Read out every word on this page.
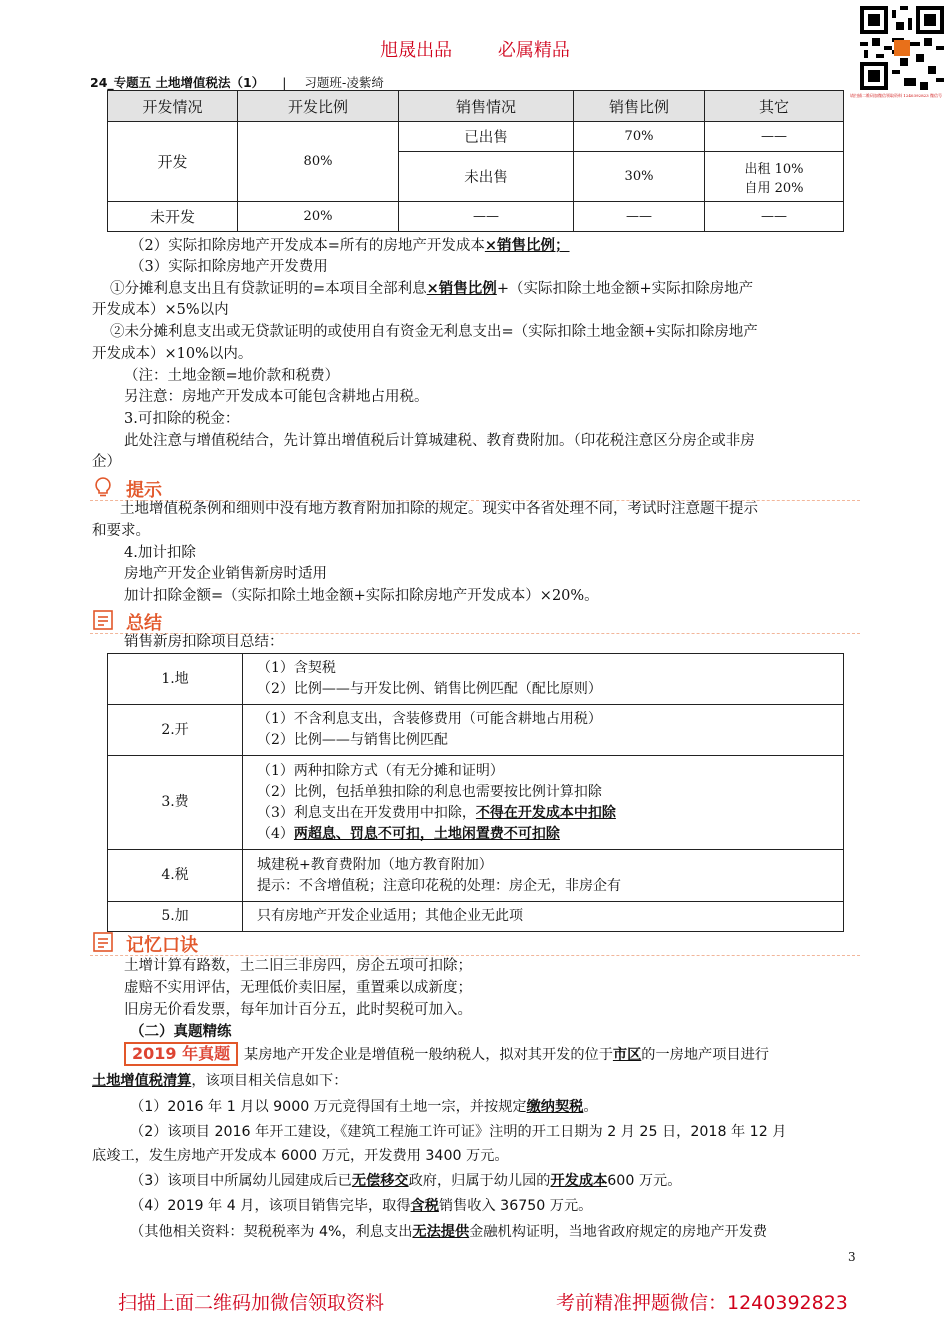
旭晟出品	必属精品
请扫描二维码加微信领取资料 1240392823 微信号
24_专题五 土地增值税法（1） | 习题班-凌紫绮
开发情况	开发比例	销售情况	销售比例	其它
开发	80%	已出售	70%	——
		未出售	30%	出租 10%
自用 20%

未开发	20%	——	——	——
（2）实际扣除房地产开发成本=所有的房地产开发成本×销售比例；
（3）实际扣除房地产开发费用
①分摊利息支出且有贷款证明的=本项目全部利息×销售比例+（实际扣除土地金额+实际扣除房地产
开发成本）×5%以内
②未分摊利息支出或无贷款证明的或使用自有资金无利息支出=（实际扣除土地金额+实际扣除房地产
开发成本）×10%以内。
（注：土地金额=地价款和税费）
另注意：房地产开发成本可能包含耕地占用税。
3.可扣除的税金：
此处注意与增值税结合，先计算出增值税后计算城建税、教育费附加。（印花税注意区分房企或非房
企）
提示
土地增值税条例和细则中没有地方教育附加扣除的规定。现实中各省处理不同，考试时注意题干提示
和要求。
4.加计扣除
房地产开发企业销售新房时适用
加计扣除金额=（实际扣除土地金额+实际扣除房地产开发成本）×20%。
总结
销售新房扣除项目总结：
1.地	（1）含契税
（2）比例——与开发比例、销售比例匹配（配比原则）

2.开	（1）不含利息支出，含装修费用（可能含耕地占用税）
（2）比例——与销售比例匹配

3.费	（1）两种扣除方式（有无分摊和证明）
（2）比例，包括单独扣除的利息也需要按比例计算扣除
（3）利息支出在开发费用中扣除，不得在开发成本中扣除
（4）两超息、罚息不可扣，土地闲置费不可扣除

4.税	城建税+教育费附加（地方教育附加）
提示：不含增值税；注意印花税的处理：房企无，非房企有

5.加	只有房地产开发企业适用；其他企业无此项
记忆口诀
土增计算有路数，土二旧三非房四，房企五项可扣除；
虚赔不实用评估，无理低价卖旧屋，重置乘以成新度；
旧房无价看发票，每年加计百分五，此时契税可加入。
（二）真题精练
2019 年真题 某房地产开发企业是增值税一般纳税人，拟对其开发的位于市区的一房地产项目进行
土地增值税清算，该项目相关信息如下：
（1）2016 年 1 月以 9000 万元竞得国有土地一宗，并按规定缴纳契税。
（2）该项目 2016 年开工建设，《建筑工程施工许可证》注明的开工日期为 2 月 25 日，2018 年 12 月
底竣工，发生房地产开发成本 6000 万元，开发费用 3400 万元。
（3）该项目中所属幼儿园建成后已无偿移交政府，归属于幼儿园的开发成本600 万元。
（4）2019 年 4 月，该项目销售完毕，取得含税销售收入 36750 万元。
（其他相关资料：契税税率为 4%，利息支出无法提供金融机构证明，当地省政府规定的房地产开发费
3
扫描上面二维码加微信领取资料	考前精准押题微信：1240392823
